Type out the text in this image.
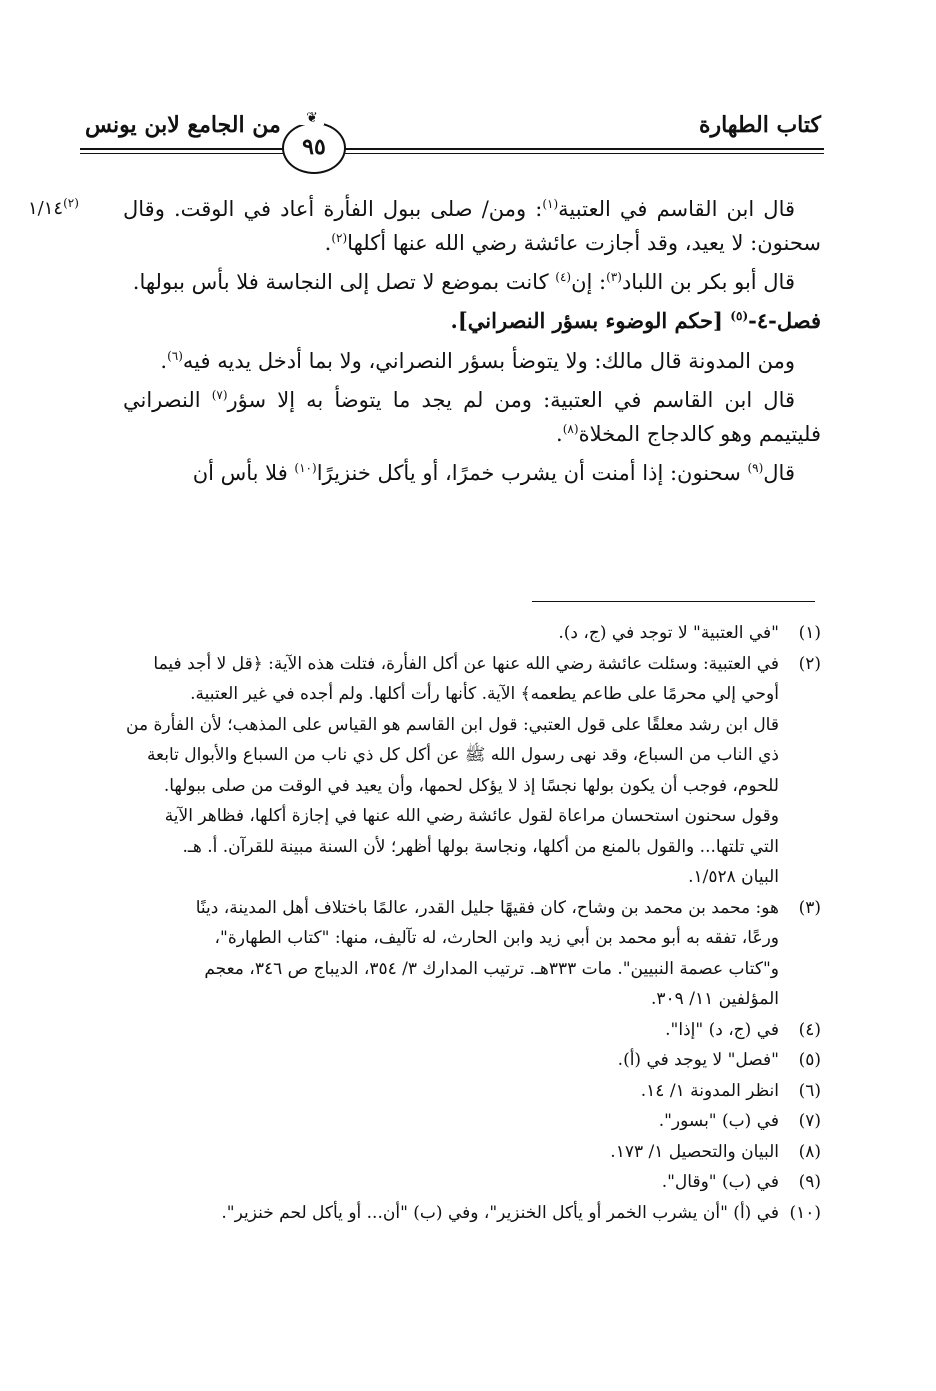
كتاب الطهارة
من الجامع لابن يونس	❦
٩٥
$^{(٢)}$١/١٤	قال ابن القاسم في العتبية$^{(١)}$: ومن/ صلى ببول الفأرة أعاد في الوقت. وقال سحنون: لا يعيد، وقد أجازت عائشة رضي الله عنها أكلها$^{(٢)}$.

قال أبو بكر بن اللباد$^{(٣)}$: إن$^{(٤)}$ كانت بموضع لا تصل إلى النجاسة فلا بأس ببولها.

فصل-٤-$^{(٥)}$ [حكم الوضوء بسؤر النصراني].

ومن المدونة قال مالك: ولا يتوضأ بسؤر النصراني، ولا بما أدخل يديه فيه$^{(٦)}$.

قال ابن القاسم في العتبية: ومن لم يجد ما يتوضأ به إلا سؤر$^{(٧)}$ النصراني فليتيمم وهو كالدجاج المخلاة$^{(٨)}$.

قال$^{(٩)}$ سحنون: إذا أمنت أن يشرب خمرًا، أو يأكل خنزيرًا$^{(١٠)}$ فلا بأس أن

(١)
"في العتبية" لا توجد في (ج، د).
(٢)
في العتبية: وسئلت عائشة رضي الله عنها عن أكل الفأرة، فتلت هذه الآية: ﴿قل لا أجد فيما
أوحي إلي محرمًا على طاعم يطعمه﴾ الآية. كأنها رأت أكلها. ولم أجده في غير العتبية.
قال ابن رشد معلقًا على قول العتبي: قول ابن القاسم هو القياس على المذهب؛ لأن الفأرة من
ذي الناب من السباع، وقد نهى رسول الله ﷺ عن أكل كل ذي ناب من السباع والأبوال تابعة
للحوم، فوجب أن يكون بولها نجسًا إذ لا يؤكل لحمها، وأن يعيد في الوقت من صلى ببولها.
وقول سحنون استحسان مراعاة لقول عائشة رضي الله عنها في إجازة أكلها، فظاهر الآية
التي تلتها... والقول بالمنع من أكلها، ونجاسة بولها أظهر؛ لأن السنة مبينة للقرآن. أ. هـ.
البيان ١/٥٢٨.
(٣)
هو: محمد بن محمد بن وشاح، كان فقيهًا جليل القدر، عالمًا باختلاف أهل المدينة، دينًا
ورعًا، تفقه به أبو محمد بن أبي زيد وابن الحارث، له تآليف، منها: "كتاب الطهارة"،
و"كتاب عصمة النبيين". مات ٣٣٣هـ. ترتيب المدارك ٣/ ٣٥٤، الديباج ص ٣٤٦، معجم
المؤلفين ١١/ ٣٠٩.
(٤)
في (ج، د) "إذا".
(٥)
"فصل" لا يوجد في (أ).
(٦)
انظر المدونة ١/ ١٤.
(٧)
في (ب) "بسور".
(٨)
البيان والتحصيل ١/ ١٧٣.
(٩)
في (ب) "وقال".
(١٠)
في (أ) "أن يشرب الخمر أو يأكل الخنزير"، وفي (ب) "أن... أو يأكل لحم خنزير".
